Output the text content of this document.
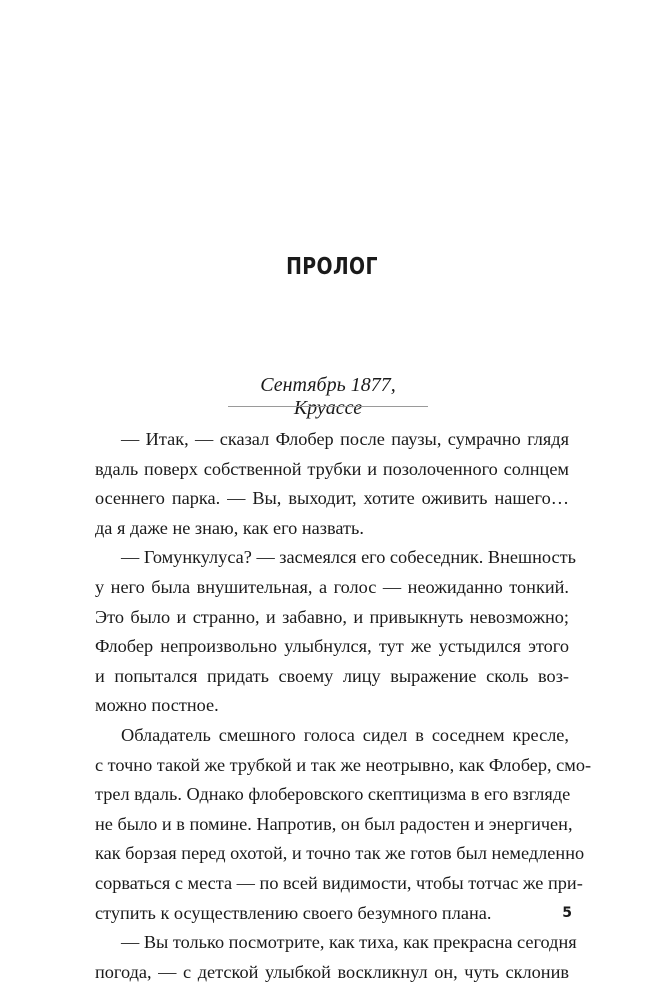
ПРОЛОГ

Сентябрь 1877, Круассе

— Итак, — сказал Флобер после паузы, сумрачно глядя
вдаль поверх собственной трубки и позолоченного солнцем
осеннего парка. — Вы, выходит, хотите оживить нашего…
да я даже не знаю, как его назвать.
— Гомункулуса? — засмеялся его собеседник. Внешность
у него была внушительная, а голос — неожиданно тонкий.
Это было и странно, и забавно, и привыкнуть невозможно;
Флобер непроизвольно улыбнулся, тут же устыдился этого
и попытался придать своему лицу выражение сколь воз-
можно постное.
Обладатель смешного голоса сидел в соседнем кресле,
с точно такой же трубкой и так же неотрывно, как Флобер, смо-
трел вдаль. Однако флоберовского скептицизма в его взгляде
не было и в помине. Напротив, он был радостен и энергичен,
как борзая перед охотой, и точно так же готов был немедленно
сорваться с места — по всей видимости, чтобы тотчас же при-
ступить к осуществлению своего безумного плана.
— Вы только посмотрите, как тиха, как прекрасна сегодня
погода, — с детской улыбкой воскликнул он, чуть склонив

5
